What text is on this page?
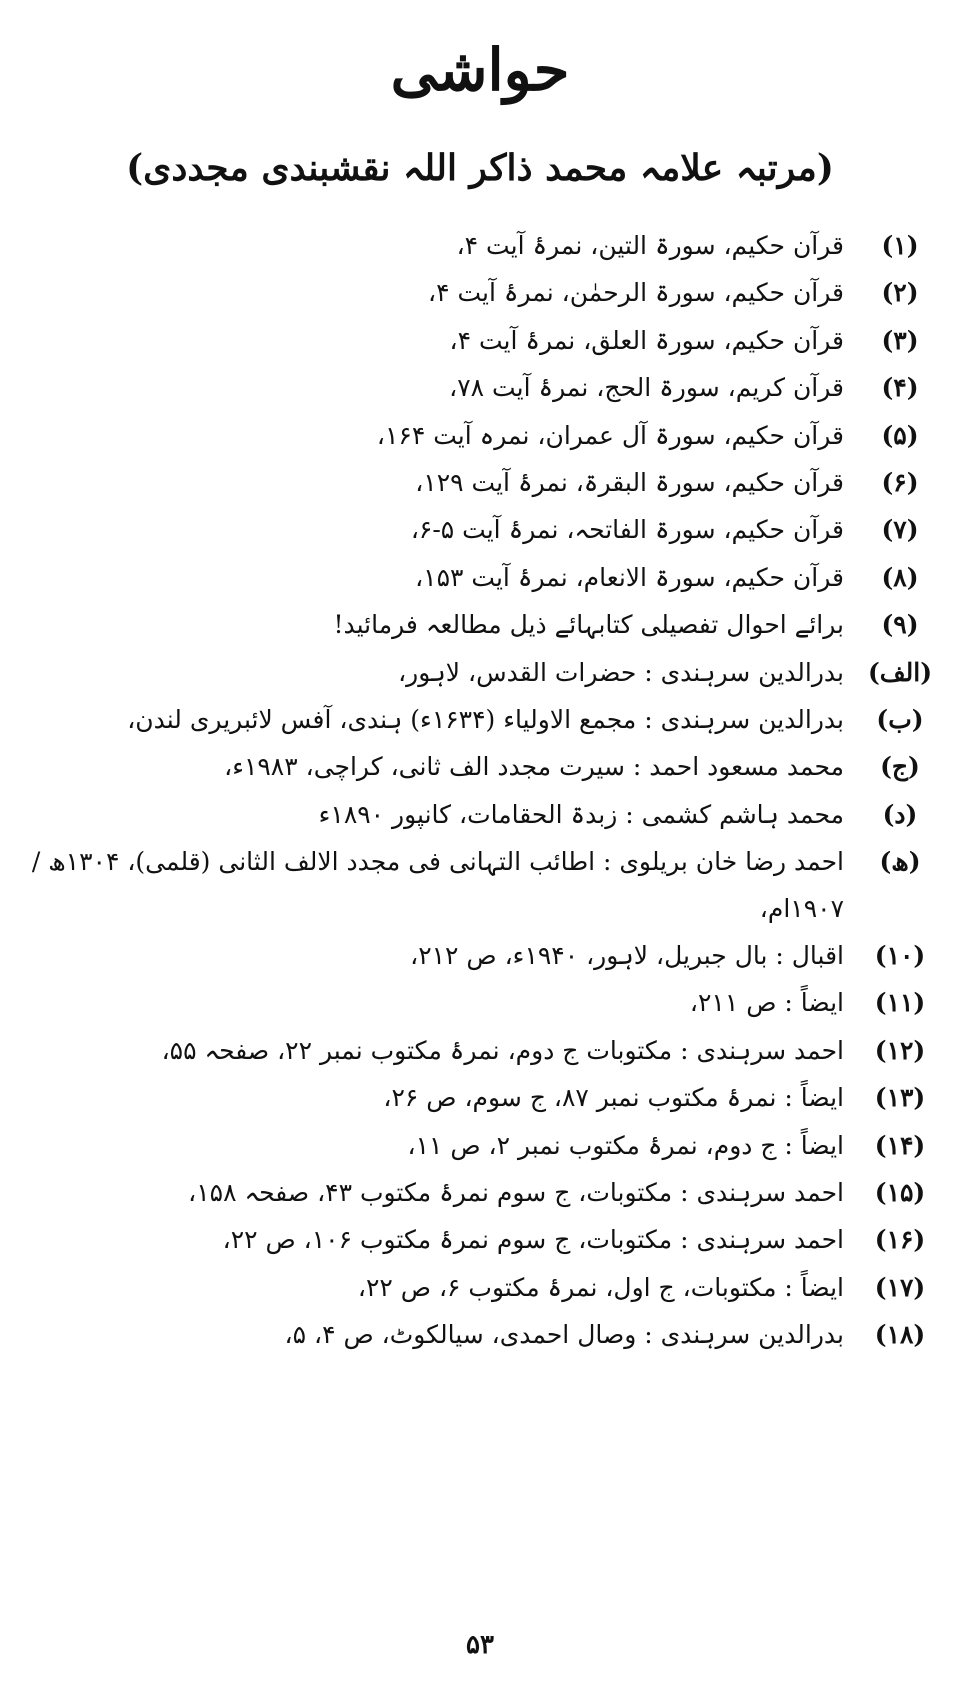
حواشی
(مرتبہ علامہ محمد ذاکر اللہ نقشبندی مجددی)
(۱)
قرآن حکیم، سورۃ التین، نمرۂ آیت ۴،
(۲)
قرآن حکیم، سورۃ الرحمٰن، نمرۂ آیت ۴،
(۳)
قرآن حکیم، سورۃ العلق، نمرۂ آیت ۴،
(۴)
قرآن کریم، سورۃ الحج، نمرۂ آیت ۷۸،
(۵)
قرآن حکیم، سورۃ آل عمران، نمرہ آیت ۱۶۴،
(۶)
قرآن حکیم، سورۃ البقرۃ، نمرۂ آیت ۱۲۹،
(۷)
قرآن حکیم، سورۃ الفاتحہ، نمرۂ آیت ۵-۶،
(۸)
قرآن حکیم، سورۃ الانعام، نمرۂ آیت ۱۵۳،
(۹)
برائے احوال تفصیلی کتابہائے ذیل مطالعہ فرمائید!
(الف)
بدرالدین سرہندی : حضرات القدس، لاہور،
(ب)
بدرالدین سرہندی : مجمع الاولیاء (۱۶۳۴ء) ہندی، آفس لائبریری لندن،
(ج)
محمد مسعود احمد : سیرت مجدد الف ثانی، کراچی، ۱۹۸۳ء،
(د)
محمد ہاشم کشمی : زبدۃ الحقامات، کانپور ۱۸۹۰ء
(ھ)
احمد رضا خان بریلوی : اطائب التہانی فی مجدد الالف الثانی (قلمی)، ۱۳۰۴ھ / ۱۹۰۷ام،
(۱۰)
اقبال : بال جبریل، لاہور، ۱۹۴۰ء، ص ۲۱۲،
(۱۱)
ایضاً : ص ۲۱۱،
(۱۲)
احمد سرہندی : مکتوبات ج دوم، نمرۂ مکتوب نمبر ۲۲، صفحہ ۵۵،
(۱۳)
ایضاً : نمرۂ مکتوب نمبر ۸۷، ج سوم، ص ۲۶،
(۱۴)
ایضاً : ج دوم، نمرۂ مکتوب نمبر ۲، ص ۱۱،
(۱۵)
احمد سرہندی : مکتوبات، ج سوم نمرۂ مکتوب ۴۳، صفحہ ۱۵۸،
(۱۶)
احمد سرہندی : مکتوبات، ج سوم نمرۂ مکتوب ۱۰۶، ص ۲۲،
(۱۷)
ایضاً : مکتوبات، ج اول، نمرۂ مکتوب ۶، ص ۲۲،
(۱۸)
بدرالدین سرہندی : وصال احمدی، سیالکوٹ، ص ۴، ۵،
۵۳
